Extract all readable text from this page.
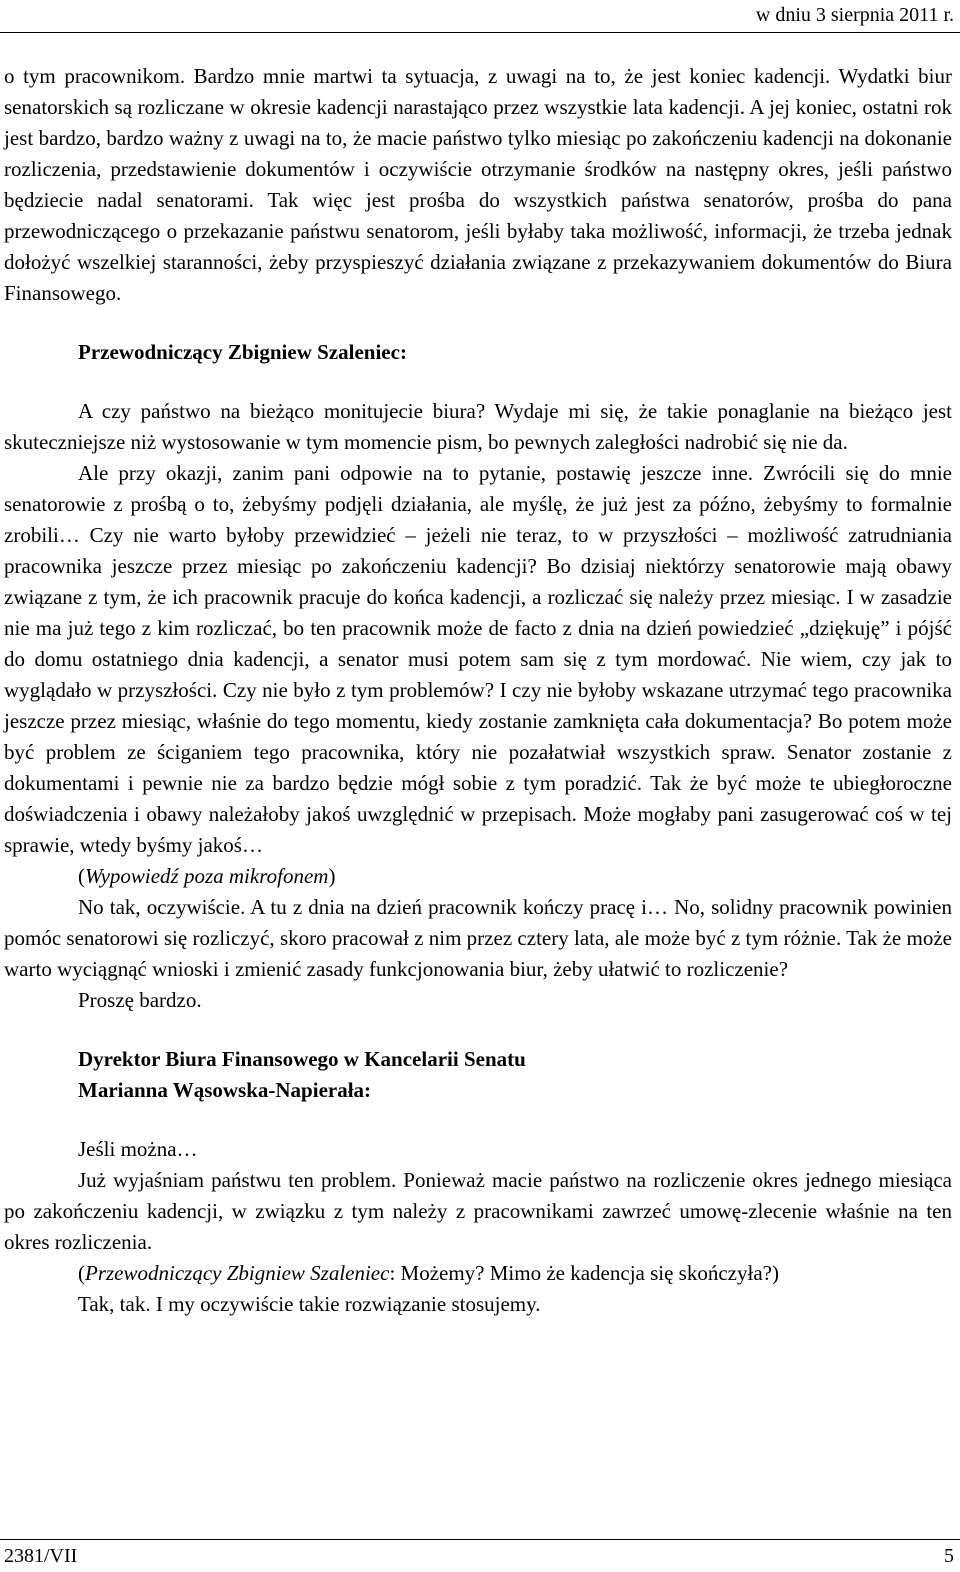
w dniu 3 sierpnia 2011 r.

o tym pracownikom. Bardzo mnie martwi ta sytuacja, z uwagi na to, że jest koniec kadencji. Wydatki biur senatorskich są rozliczane w okresie kadencji narastająco przez wszystkie lata kadencji. A jej koniec, ostatni rok jest bardzo, bardzo ważny z uwagi na to, że macie państwo tylko miesiąc po zakończeniu kadencji na dokonanie rozliczenia, przedstawienie dokumentów i oczywiście otrzymanie środków na następny okres, jeśli państwo będziecie nadal senatorami. Tak więc jest prośba do wszystkich państwa senatorów, prośba do pana przewodniczącego o przekazanie państwu senatorom, jeśli byłaby taka możliwość, informacji, że trzeba jednak dołożyć wszelkiej staranności, żeby przyspieszyć działania związane z przekazywaniem dokumentów do Biura Finansowego.

Przewodniczący Zbigniew Szaleniec:

A czy państwo na bieżąco monitujecie biura? Wydaje mi się, że takie ponaglanie na bieżąco jest skuteczniejsze niż wystosowanie w tym momencie pism, bo pewnych zaległości nadrobić się nie da.

Ale przy okazji, zanim pani odpowie na to pytanie, postawię jeszcze inne. Zwrócili się do mnie senatorowie z prośbą o to, żebyśmy podjęli działania, ale myślę, że już jest za późno, żebyśmy to formalnie zrobili… Czy nie warto byłoby przewidzieć – jeżeli nie teraz, to w przyszłości – możliwość zatrudniania pracownika jeszcze przez miesiąc po zakończeniu kadencji? Bo dzisiaj niektórzy senatorowie mają obawy związane z tym, że ich pracownik pracuje do końca kadencji, a rozliczać się należy przez miesiąc. I w zasadzie nie ma już tego z kim rozliczać, bo ten pracownik może de facto z dnia na dzień powiedzieć „dziękuję” i pójść do domu ostatniego dnia kadencji, a senator musi potem sam się z tym mordować. Nie wiem, czy jak to wyglądało w przyszłości. Czy nie było z tym problemów? I czy nie byłoby wskazane utrzymać tego pracownika jeszcze przez miesiąc, właśnie do tego momentu, kiedy zostanie zamknięta cała dokumentacja? Bo potem może być problem ze ściganiem tego pracownika, który nie pozałatwiał wszystkich spraw. Senator zostanie z dokumentami i pewnie nie za bardzo będzie mógł sobie z tym poradzić. Tak że być może te ubiegłoroczne doświadczenia i obawy należałoby jakoś uwzględnić w przepisach. Może mogłaby pani zasugerować coś w tej sprawie, wtedy byśmy jakoś…

(Wypowiedź poza mikrofonem)

No tak, oczywiście. A tu z dnia na dzień pracownik kończy pracę i… No, solidny pracownik powinien pomóc senatorowi się rozliczyć, skoro pracował z nim przez cztery lata, ale może być z tym różnie. Tak że może warto wyciągnąć wnioski i zmienić zasady funkcjonowania biur, żeby ułatwić to rozliczenie?

Proszę bardzo.

Dyrektor Biura Finansowego w Kancelarii Senatu

Marianna Wąsowska-Napierała:

Jeśli można…

Już wyjaśniam państwu ten problem. Ponieważ macie państwo na rozliczenie okres jednego miesiąca po zakończeniu kadencji, w związku z tym należy z pracownikami zawrzeć umowę-zlecenie właśnie na ten okres rozliczenia.

(Przewodniczący Zbigniew Szaleniec: Możemy? Mimo że kadencja się skończyła?)

Tak, tak. I my oczywiście takie rozwiązanie stosujemy.

2381/VII	5
